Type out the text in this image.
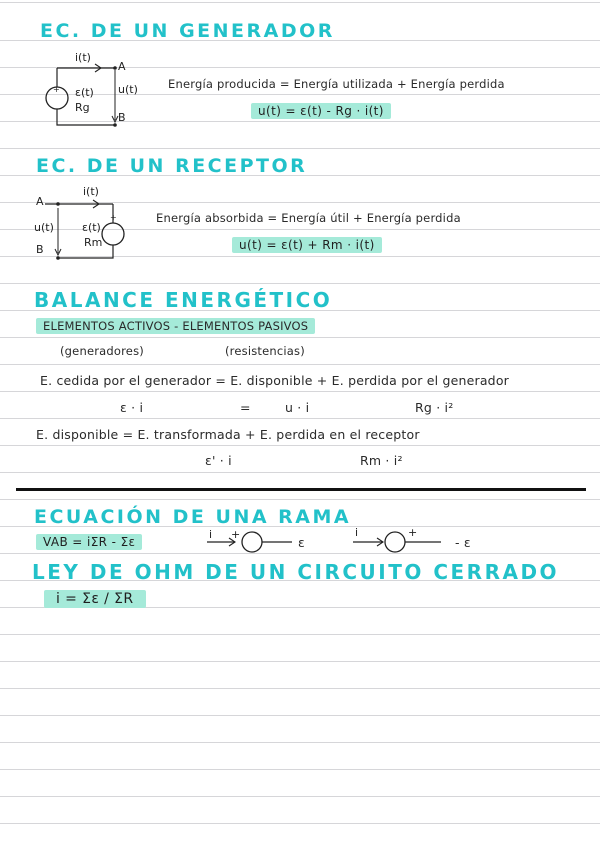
EC. DE UN GENERADOR
+
i(t)
A
B
ε(t)
Rg
u(t)	Energía producida = Energía utilizada + Energía perdida
u(t) = ε(t) - Rg · i(t)
EC. DE UN RECEPTOR
+
i(t)
A
B
u(t)	ε(t)
Rm
Energía absorbida = Energía útil + Energía perdida
u(t) = ε(t) + Rm · i(t)
BALANCE ENERGÉTICO
ELEMENTOS ACTIVOS - ELEMENTOS PASIVOS
(generadores)	(resistencias)
E. cedida por el generador = E. disponible + E. perdida por el generador
ε · i	=	u · i	Rg · i²
E. disponible = E. transformada + E. perdida en el receptor
ε' · i	Rm · i²
ECUACIÓN DE UNA RAMA
VAB = iΣR - Σε
i +
ε
i	+
- ε
LEY DE OHM DE UN CIRCUITO CERRADO
i = Σε / ΣR
